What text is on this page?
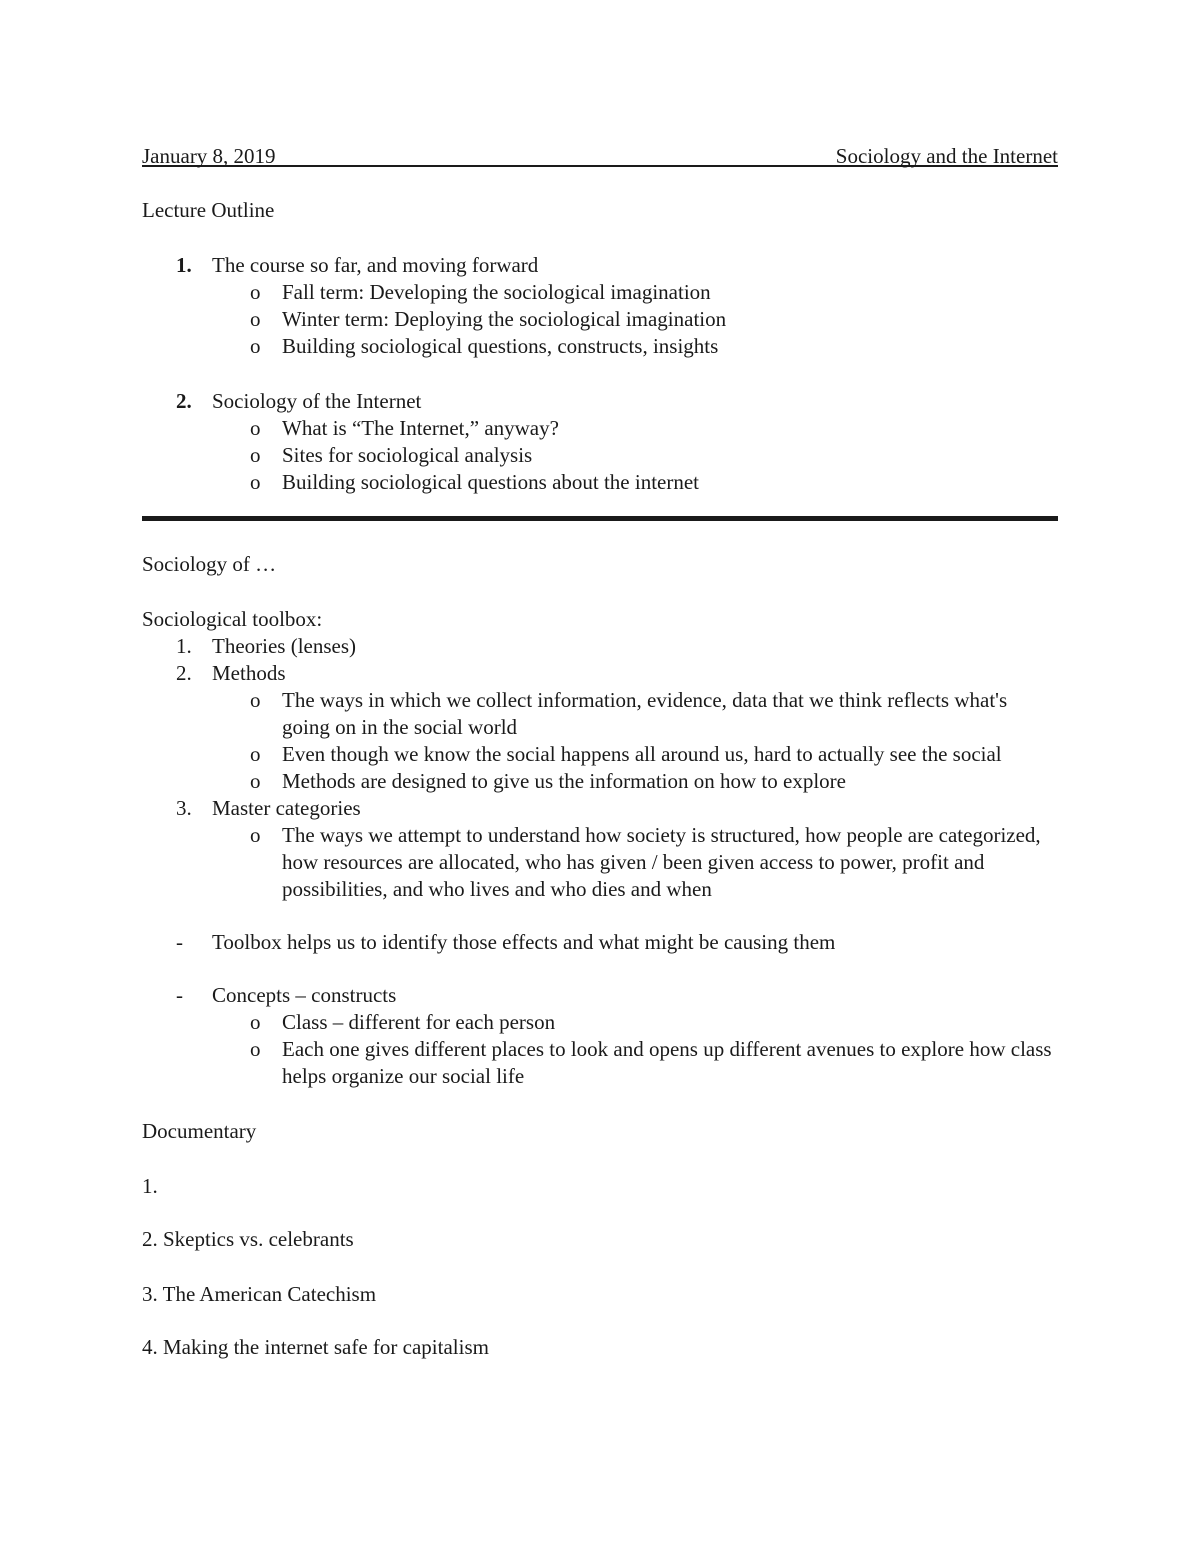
January 8, 2019	Sociology and the Internet

Lecture Outline

1. The course so far, and moving forward
o Fall term: Developing the sociological imagination
o Winter term: Deploying the sociological imagination
o Building sociological questions, constructs, insights
2. Sociology of the Internet
o What is “The Internet,” anyway?
o Sites for sociological analysis
o Building sociological questions about the internet

Sociology of …

Sociological toolbox:

1. Theories (lenses)
2. Methods
o The ways in which we collect information, evidence, data that we think reflects what's going on in the social world
o Even though we know the social happens all around us, hard to actually see the social
o Methods are designed to give us the information on how to explore
3. Master categories
o The ways we attempt to understand how society is structured, how people are categorized, how resources are allocated, who has given / been given access to power, profit and possibilities, and who lives and who dies and when
- Toolbox helps us to identify those effects and what might be causing them
- Concepts – constructs
o Class – different for each person
o Each one gives different places to look and opens up different avenues to explore how class helps organize our social life

Documentary

1.

2. Skeptics vs. celebrants

3. The American Catechism

4. Making the internet safe for capitalism
